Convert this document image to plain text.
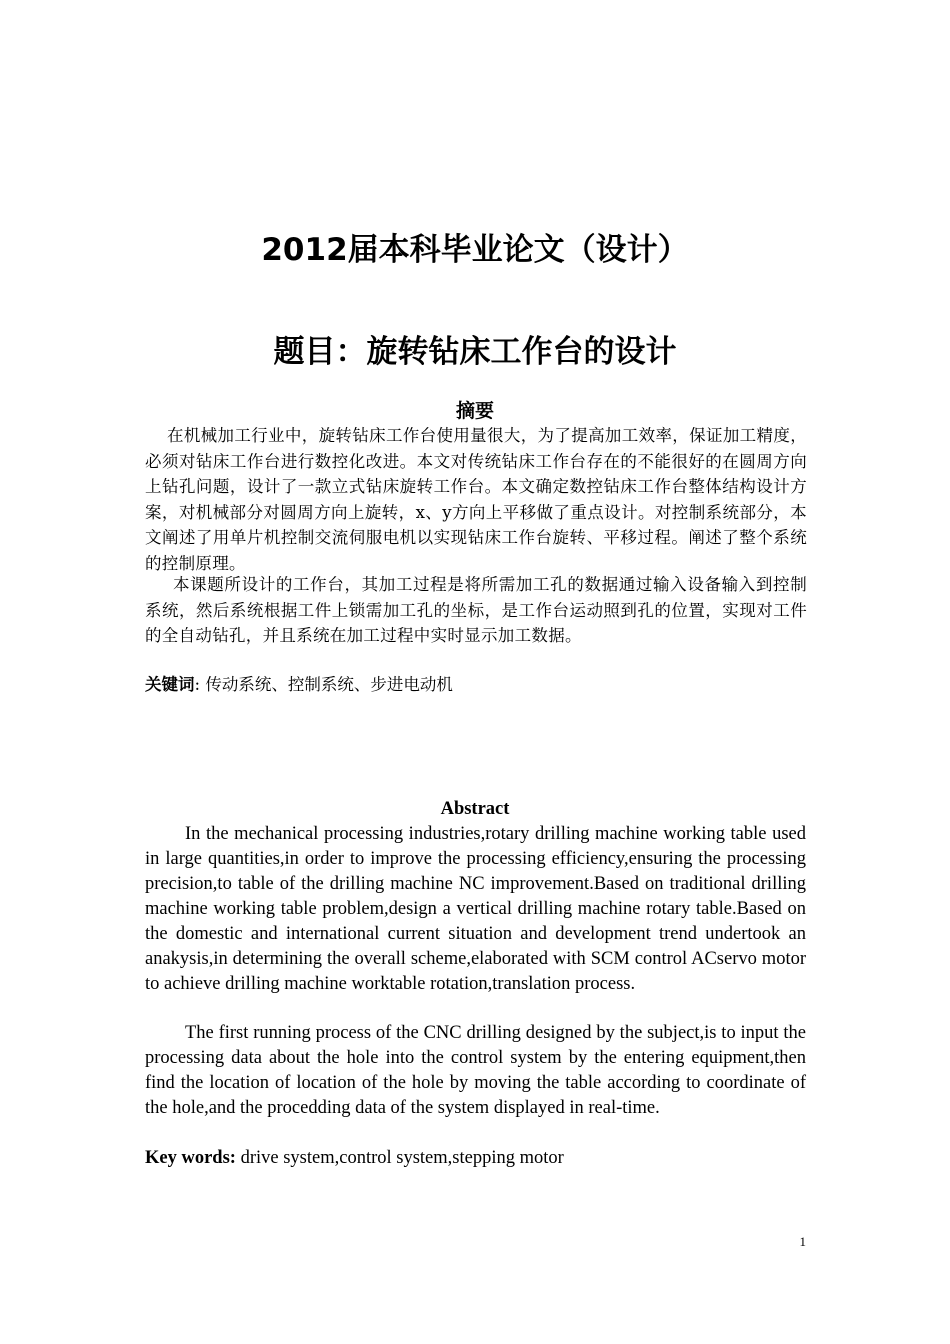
2012届本科毕业论文（设计）
题目：旋转钻床工作台的设计
摘要
在机械加工行业中，旋转钻床工作台使用量很大，为了提高加工效率，保证加工精度，必须对钻床工作台进行数控化改进。本文对传统钻床工作台存在的不能很好的在圆周方向上钻孔问题，设计了一款立式钻床旋转工作台。本文确定数控钻床工作台整体结构设计方案，对机械部分对圆周方向上旋转，x、y方向上平移做了重点设计。对控制系统部分，本文阐述了用单片机控制交流伺服电机以实现钻床工作台旋转、平移过程。阐述了整个系统的控制原理。
本课题所设计的工作台，其加工过程是将所需加工孔的数据通过输入设备输入到控制系统，然后系统根据工件上锁需加工孔的坐标，是工作台运动照到孔的位置，实现对工件的全自动钻孔，并且系统在加工过程中实时显示加工数据。
关键词: 传动系统、控制系统、步进电动机
Abstract
In the mechanical processing industries,rotary drilling machine working table used in large quantities,in order to improve the processing efficiency,ensuring the processing precision,to table of the drilling machine NC improvement.Based on traditional drilling machine working table problem,design a vertical drilling machine rotary table.Based on the domestic and international current situation and development trend undertook an anakysis,in determining the overall scheme,elaborated with SCM control ACservo motor to achieve drilling machine worktable rotation,translation process.
The first running process of the CNC drilling designed by the subject,is to input the processing data about the hole into the control system by the entering equipment,then find the location of location of the hole by moving the table according to coordinate of the hole,and the procedding data of the system displayed in real-time.
Key words: drive system,control system,stepping motor
1
